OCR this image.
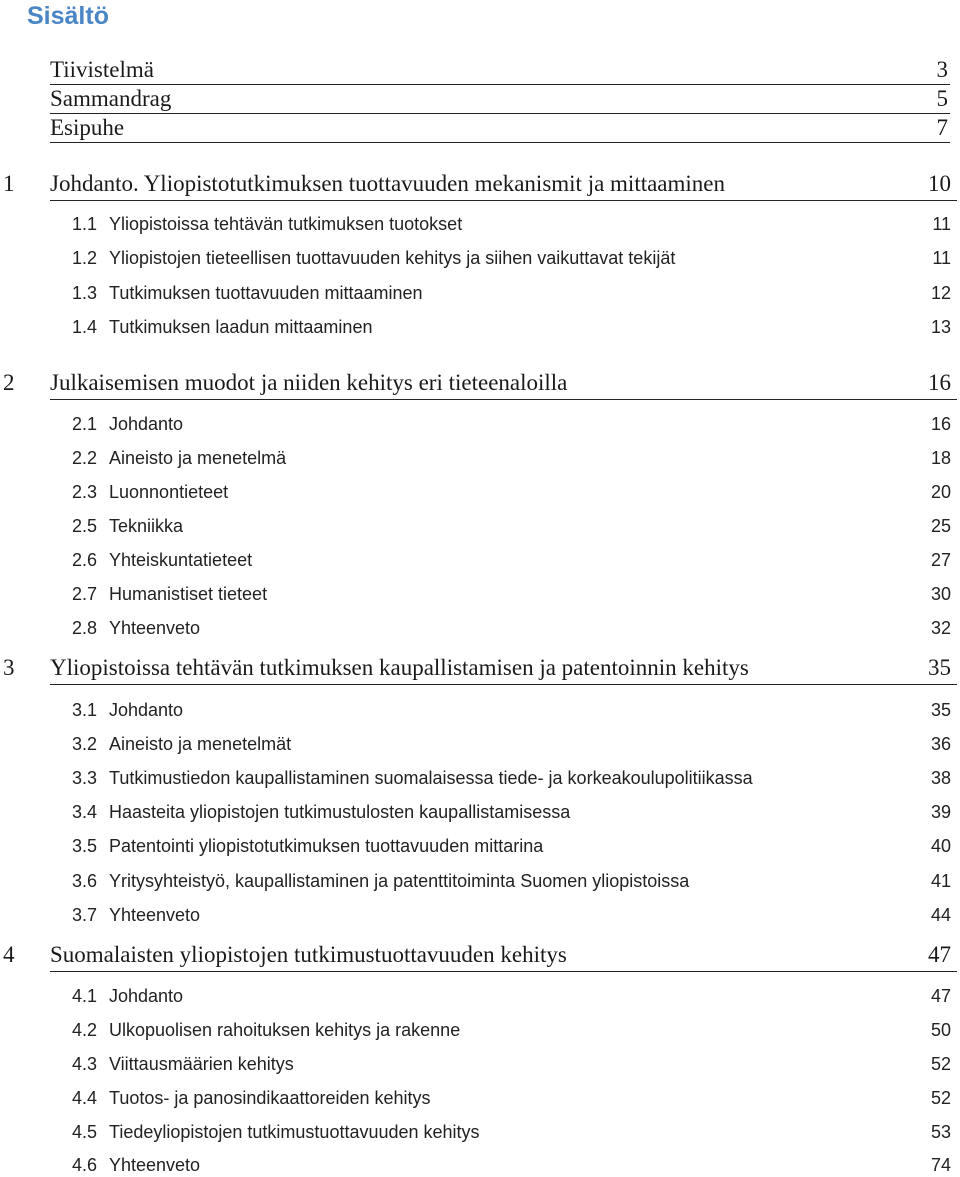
Sisältö
Tiivistelmä	3
Sammandrag	5
Esipuhe	7
1 Johdanto. Yliopistotutkimuksen tuottavuuden mekanismit ja mittaaminen	10
1.1 Yliopistoissa tehtävän tutkimuksen tuotokset	11
1.2 Yliopistojen tieteellisen tuottavuuden kehitys ja siihen vaikuttavat tekijät	11
1.3 Tutkimuksen tuottavuuden mittaaminen	12
1.4 Tutkimuksen laadun mittaaminen	13
2 Julkaisemisen muodot ja niiden kehitys eri tieteenaloilla	16
2.1 Johdanto	16
2.2 Aineisto ja menetelmä	18
2.3 Luonnontieteet	20
2.5 Tekniikka	25
2.6 Yhteiskuntatieteet	27
2.7 Humanistiset tieteet	30
2.8 Yhteenveto	32
3 Yliopistoissa tehtävän tutkimuksen kaupallistamisen ja patentoinnin kehitys	35
3.1 Johdanto	35
3.2 Aineisto ja menetelmät	36
3.3 Tutkimustiedon kaupallistaminen suomalaisessa tiede- ja korkeakoulupolitiikassa	38
3.4 Haasteita yliopistojen tutkimustulosten kaupallistamisessa	39
3.5 Patentointi yliopistotutkimuksen tuottavuuden mittarina	40
3.6 Yritysyhteistyö, kaupallistaminen ja patenttitoiminta Suomen yliopistoissa	41
3.7 Yhteenveto	44
4 Suomalaisten yliopistojen tutkimustuottavuuden kehitys	47
4.1 Johdanto	47
4.2 Ulkopuolisen rahoituksen kehitys ja rakenne	50
4.3 Viittausmäärien kehitys	52
4.4 Tuotos- ja panosindikaattoreiden kehitys	52
4.5 Tiedeyliopistojen tutkimustuottavuuden kehitys	53
4.6 Yhteenveto	74
